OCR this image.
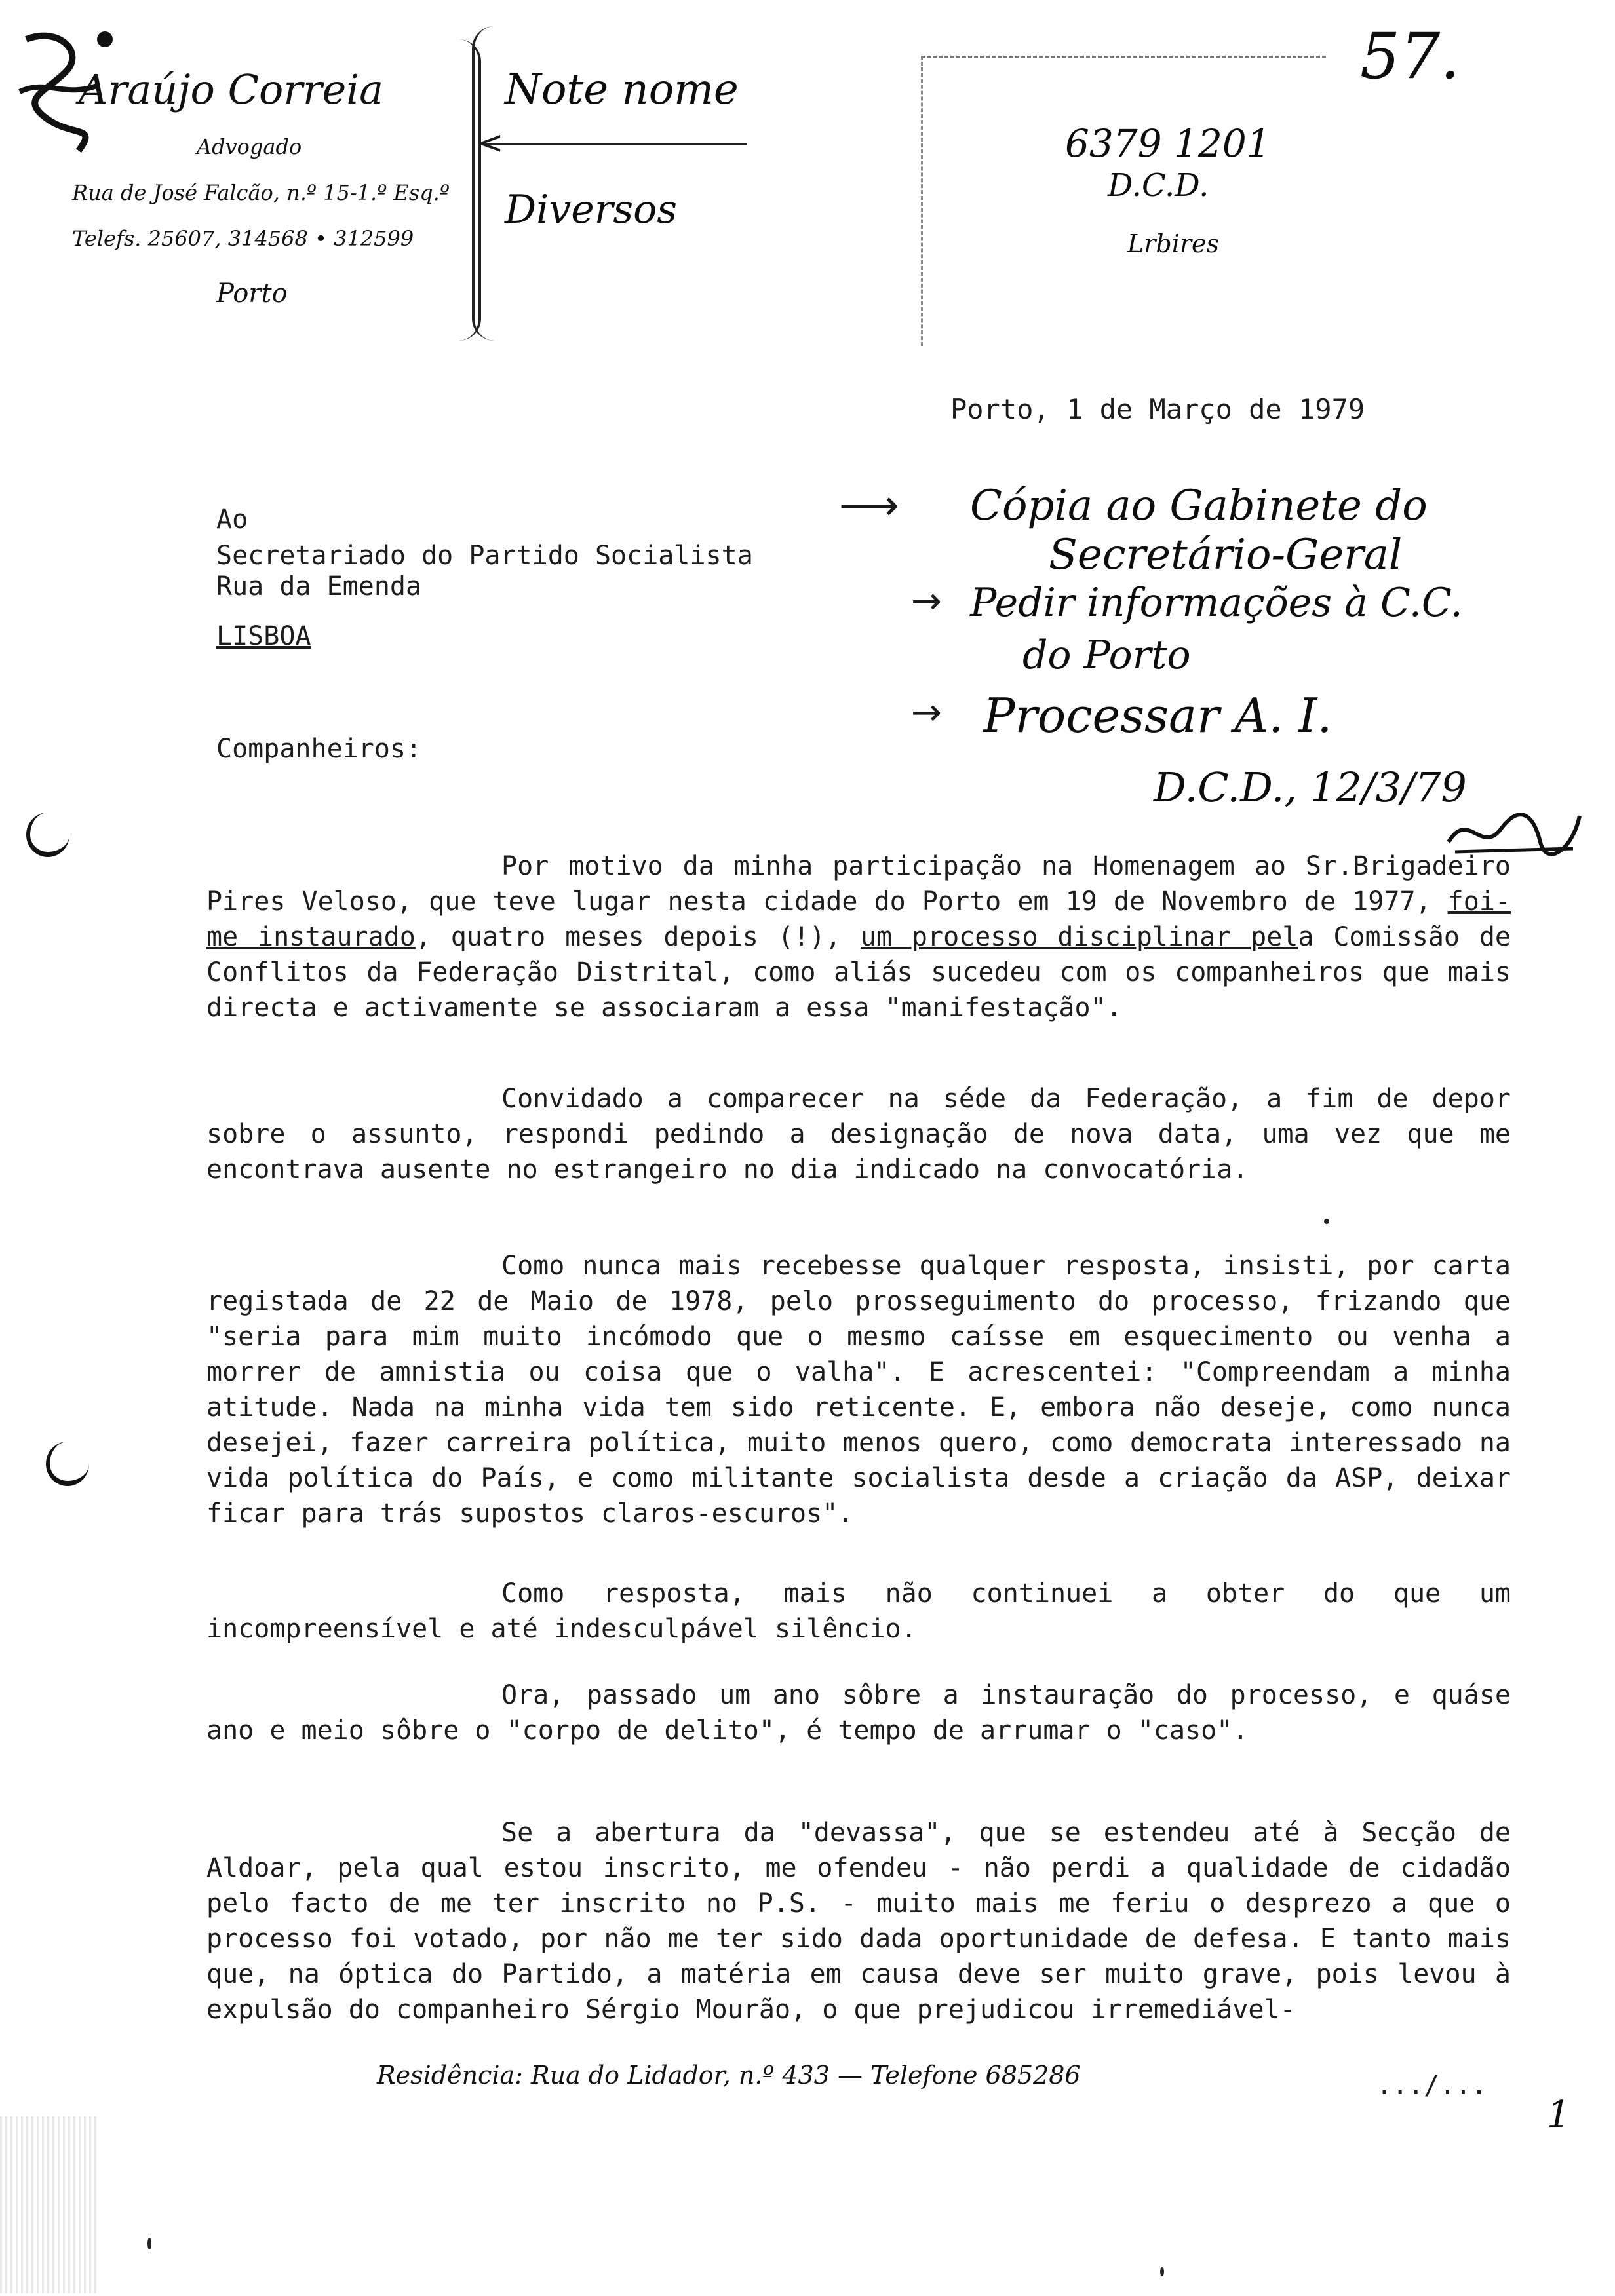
Araújo Correia
Advogado
Rua de José Falcão, n.º 15-1.º Esq.º
Telefs. 25607, 314568 • 312599
Porto
Note nome
<
Diversos
57.
6379 1201
D.C.D.
Lrbires
Porto, 1 de Março de 1979
Ao
Secretariado do Partido Socialista
Rua da Emenda
LISBOA
⟶ Cópia ao Gabinete do
Secretário-Geral
→ Pedir informações à C.C.
do Porto
→ Processar A. I.
D.C.D., 12/3/79
Companheiros:
Por motivo da minha participação na Homenagem ao Sr.Brigadeiro Pires Veloso, que teve lugar nesta cidade do Porto em 19 de Novembro de 1977, foi-me instaurado, quatro meses depois (!), um processo disciplinar pela Comissão de Conflitos da Federação Distrital, como aliás sucedeu com os companheiros que mais directa e activamente se associaram a essa "manifestação".
Convidado a comparecer na séde da Federação, a fim de depor sobre o assunto, respondi pedindo a designação de nova data, uma vez que me encontrava ausente no estrangeiro no dia indicado na convocatória.
Como nunca mais recebesse qualquer resposta, insisti, por carta registada de 22 de Maio de 1978, pelo prosseguimento do processo, frizando que "seria para mim muito incómodo que o mesmo caísse em esquecimento ou venha a morrer de amnistia ou coisa que o valha". E acrescentei: "Compreendam a minha atitude. Nada na minha vida tem sido reticente. E, embora não deseje, como nunca desejei, fazer carreira política, muito menos quero, como democrata interessado na vida política do País, e como militante socialista desde a criação da ASP, deixar ficar para trás supostos claros-escuros".
Como resposta, mais não continuei a obter do que um incompreensível e até indesculpável silêncio.
Ora, passado um ano sôbre a instauração do processo, e quáse ano e meio sôbre o "corpo de delito", é tempo de arrumar o "caso".
Se a abertura da "devassa", que se estendeu até à Secção de Aldoar, pela qual estou inscrito, me ofendeu - não perdi a qualidade de cidadão pelo facto de me ter inscrito no P.S. - muito mais me feriu o desprezo a que o processo foi votado, por não me ter sido dada oportunidade de defesa. E tanto mais que, na óptica do Partido, a matéria em causa deve ser muito grave, pois levou à expulsão do companheiro Sérgio Mourão, o que prejudicou irremediável-
Residência: Rua do Lidador, n.º 433 — Telefone 685286	.../...
1
